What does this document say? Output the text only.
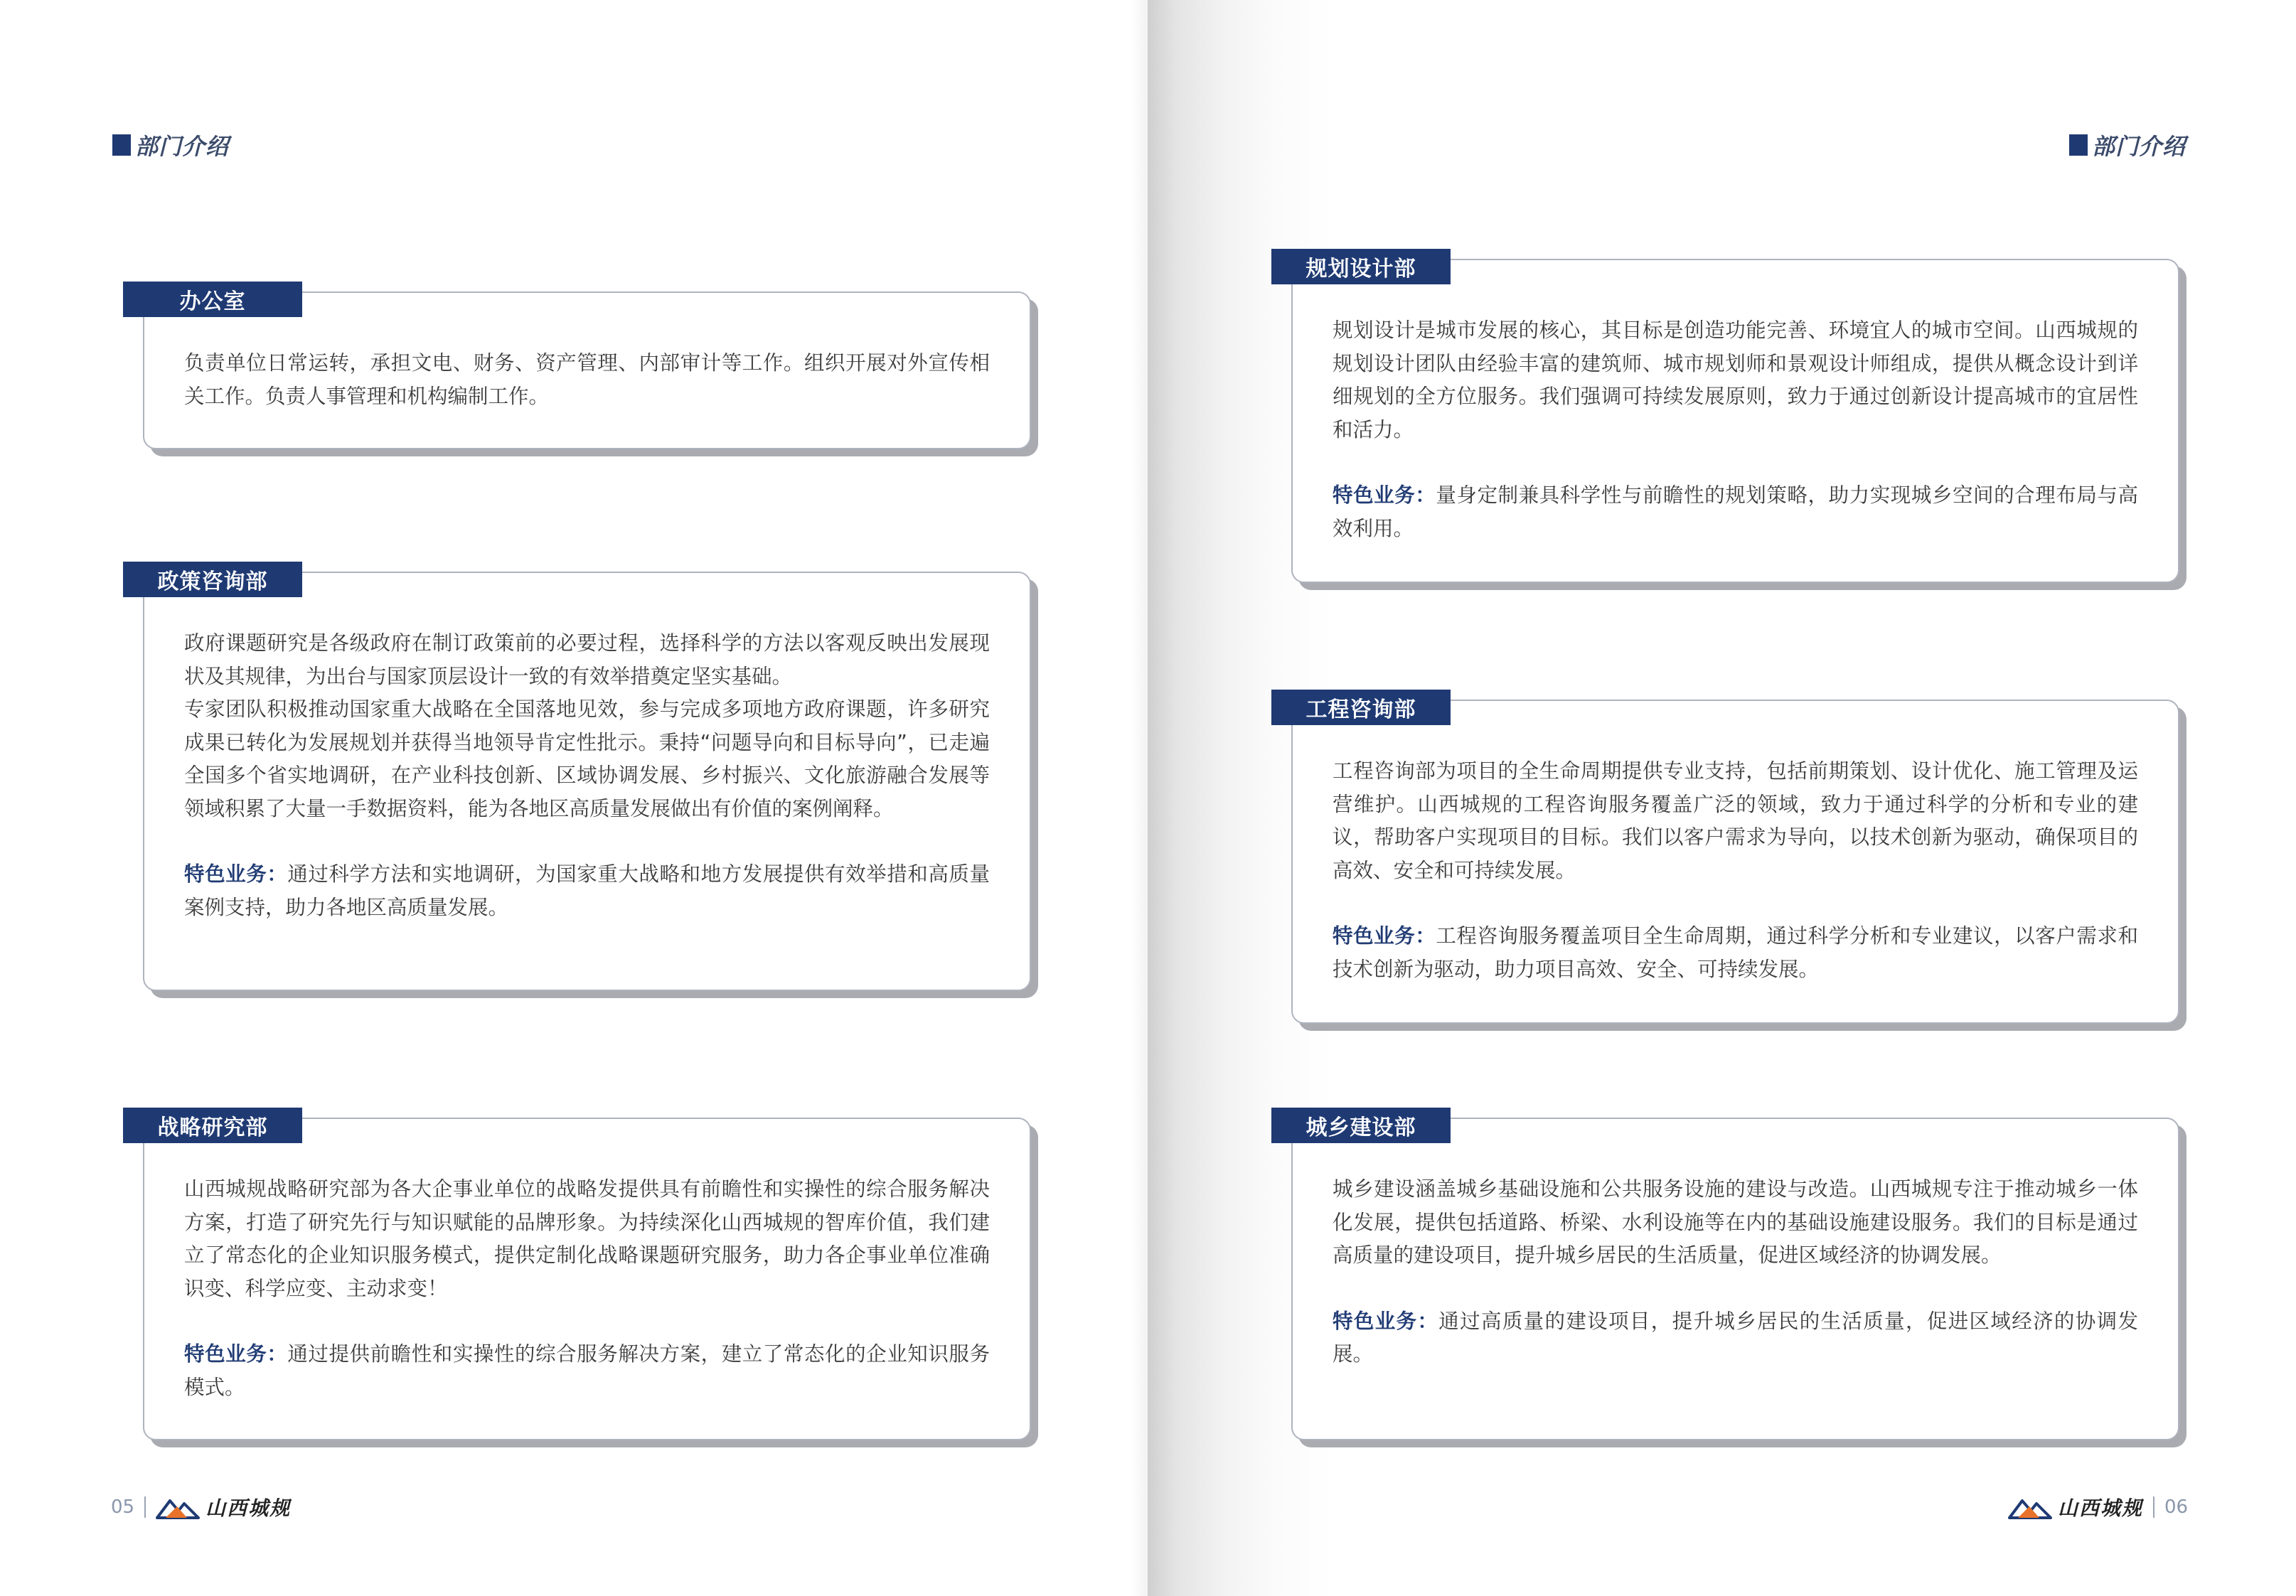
部门介绍

负责单位日常运转，承担文电、财务、资产管理、内部审计等工作。组织开展对外宣传相关工作。负责人事管理和机构编制工作。

办公室

政府课题研究是各级政府在制订政策前的必要过程，选择科学的方法以客观反映出发展现状及其规律，为出台与国家顶层设计一致的有效举措奠定坚实基础。

专家团队积极推动国家重大战略在全国落地见效，参与完成多项地方政府课题，许多研究成果已转化为发展规划并获得当地领导肯定性批示。秉持“问题导向和目标导向”，已走遍全国多个省实地调研，在产业科技创新、区域协调发展、乡村振兴、文化旅游融合发展等领域积累了大量一手数据资料，能为各地区高质量发展做出有价值的案例阐释。

特色业务：通过科学方法和实地调研，为国家重大战略和地方发展提供有效举措和高质量案例支持，助力各地区高质量发展。

政策咨询部

山西城规战略研究部为各大企事业单位的战略发提供具有前瞻性和实操性的综合服务解决方案，打造了研究先行与知识赋能的品牌形象。为持续深化山西城规的智库价值，我们建立了常态化的企业知识服务模式，提供定制化战略课题研究服务，助力各企事业单位准确识变、科学应变、主动求变！

特色业务：通过提供前瞻性和实操性的综合服务解决方案，建立了常态化的企业知识服务模式。

战略研究部
05	山西城规
部门介绍

规划设计是城市发展的核心，其目标是创造功能完善、环境宜人的城市空间。山西城规的规划设计团队由经验丰富的建筑师、城市规划师和景观设计师组成，提供从概念设计到详细规划的全方位服务。我们强调可持续发展原则，致力于通过创新设计提高城市的宜居性和活力。

特色业务：量身定制兼具科学性与前瞻性的规划策略，助力实现城乡空间的合理布局与高效利用。

规划设计部

工程咨询部为项目的全生命周期提供专业支持，包括前期策划、设计优化、施工管理及运营维护。山西城规的工程咨询服务覆盖广泛的领域，致力于通过科学的分析和专业的建议，帮助客户实现项目的目标。我们以客户需求为导向，以技术创新为驱动，确保项目的高效、安全和可持续发展。

特色业务：工程咨询服务覆盖项目全生命周期，通过科学分析和专业建议，以客户需求和技术创新为驱动，助力项目高效、安全、可持续发展。

工程咨询部

城乡建设涵盖城乡基础设施和公共服务设施的建设与改造。山西城规专注于推动城乡一体化发展，提供包括道路、桥梁、水利设施等在内的基础设施建设服务。我们的目标是通过高质量的建设项目，提升城乡居民的生活质量，促进区域经济的协调发展。

特色业务：通过高质量的建设项目，提升城乡居民的生活质量，促进区域经济的协调发展。

城乡建设部
山西城规 06
